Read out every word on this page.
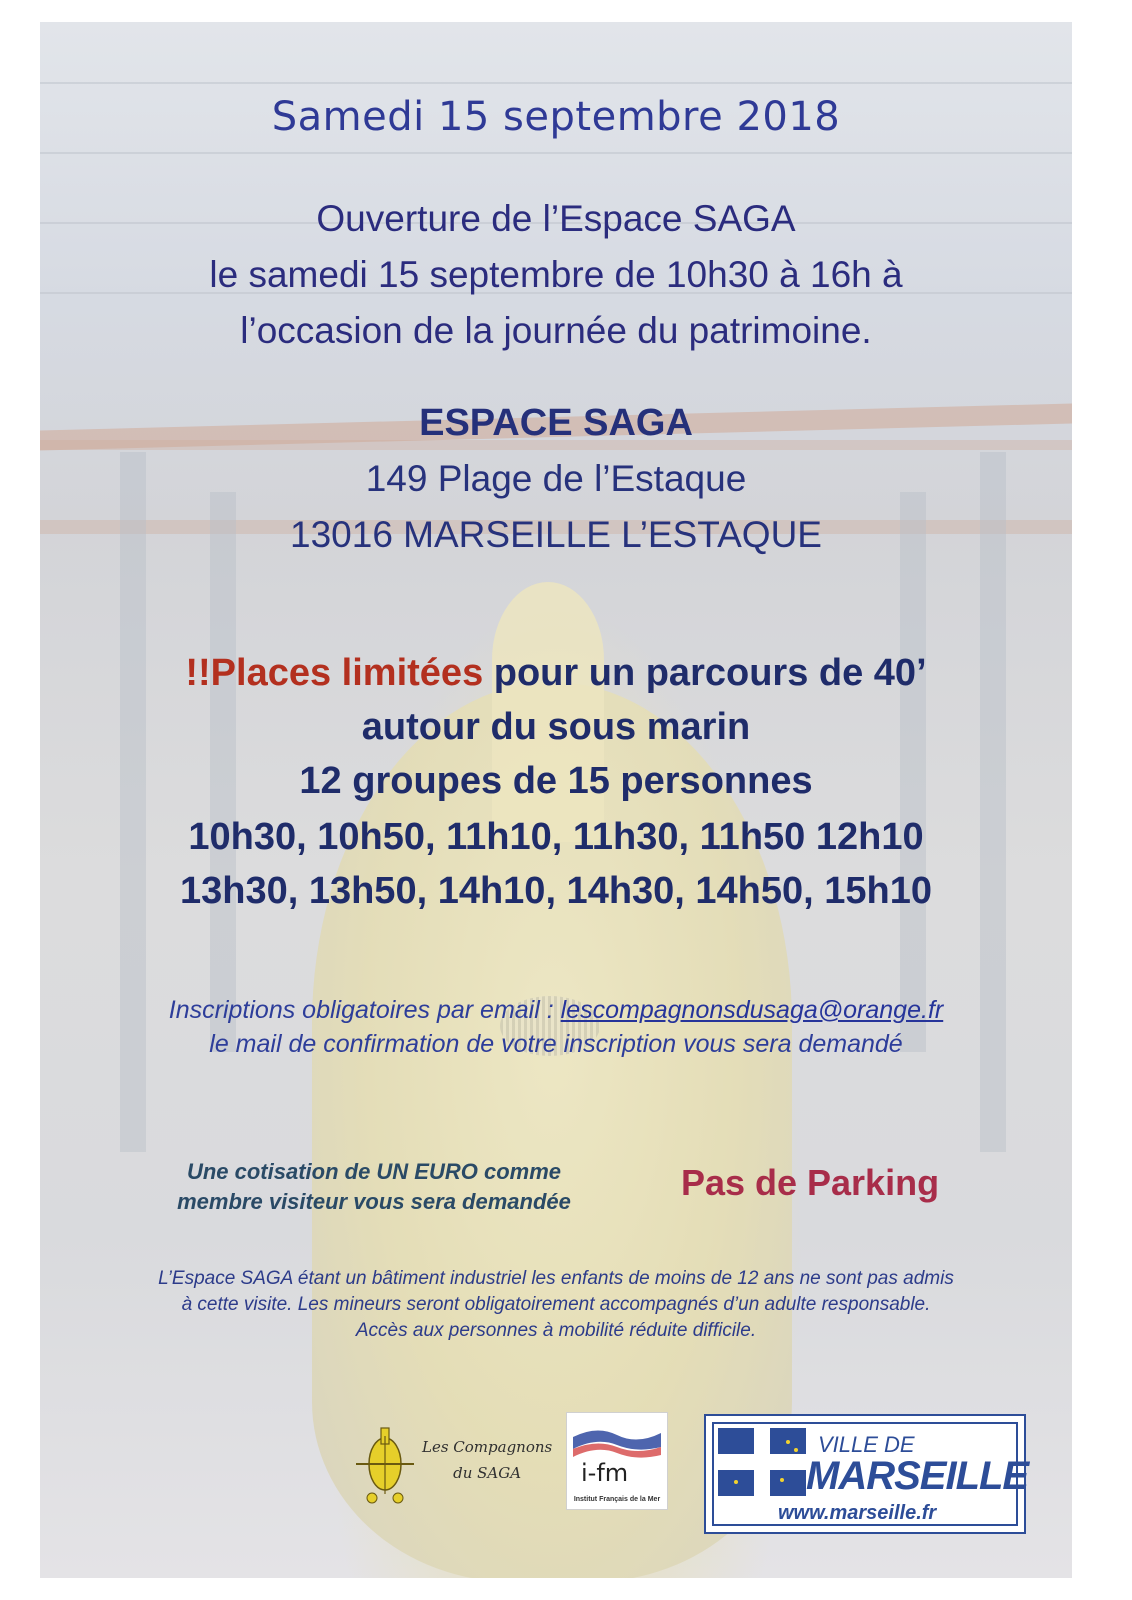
Samedi 15 septembre 2018
Ouverture de l’Espace SAGA
le samedi 15 septembre de 10h30 à 16h à
l’occasion de la journée du patrimoine.
ESPACE SAGA
149 Plage de l’Estaque
13016 MARSEILLE L’ESTAQUE
!!Places limitées pour un parcours de 40’
autour du sous marin
12 groupes de 15 personnes
10h30, 10h50, 11h10, 11h30, 11h50 12h10
13h30, 13h50, 14h10, 14h30, 14h50, 15h10
Inscriptions obligatoires par email : lescompagnonsdusaga@orange.fr
le mail de confirmation de votre inscription vous sera demandé
Une cotisation de UN EURO comme
membre visiteur vous sera demandée	Pas de Parking
L’Espace SAGA étant un bâtiment industriel les enfants de moins de 12 ans ne sont pas admis
à cette visite. Les mineurs seront obligatoirement accompagnés d’un adulte responsable.
Accès aux personnes à mobilité réduite difficile.
Les Compagnons
du SAGA	i-fm
Institut Français de la Mer
VILLE DE
MARSEILLE
www.marseille.fr
